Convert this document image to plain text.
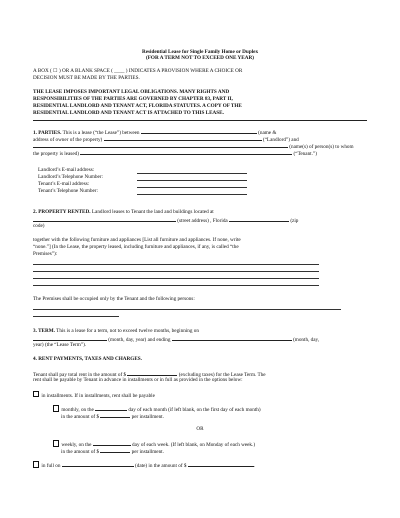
Residential Lease for Single Family Home or Duplex
(FOR A TERM NOT TO EXCEED ONE YEAR)
A BOX ( ☐ ) OR A BLANK SPACE ( ____ ) INDICATES A PROVISION WHERE A CHOICE OR
DECISION MUST BE MADE BY THE PARTIES.
THE LEASE IMPOSES IMPORTANT LEGAL OBLIGATIONS. MANY RIGHTS AND
RESPONSIBILITIES OF THE PARTIES ARE GOVERNED BY CHAPTER 83, PART II,
RESIDENTIAL LANDLORD AND TENANT ACT, FLORIDA STATUTES. A COPY OF THE
RESIDENTIAL LANDLORD AND TENANT ACT IS ATTACHED TO THIS LEASE.
1. PARTIES. This is a lease (“the Lease”) between	(name &
address of owner of the property)	(“Landlord”) and
(name(s) of person(s) to whom
the property is leased)	(“Tenant.”)
Landlord’s E-mail address:
Landlord’s Telephone Number:
Tenant’s E-mail address:
Tenant’s Telephone Number:
2. PROPERTY RENTED. Landlord leases to Tenant the land and buildings located at
(street address) , Florida	(zip
code)
together with the following furniture and appliances [List all furniture and appliances. If none, write
“none.”] (In the Lease, the property leased, including furniture and appliances, if any, is called “the
Premises”):
The Premises shall be occupied only by the Tenant and the following persons:
3. TERM. This is a lease for a term, not to exceed twelve months, beginning on
(month, day, year) and ending	(month, day,
year) (the “Lease Term”).
4. RENT PAYMENTS, TAXES AND CHARGES.
Tenant shall pay total rent in the amount of $	(excluding taxes) for the Lease Term. The
rent shall be payable by Tenant in advance in installments or in full as provided in the options below:
in installments. If in installments, rent shall be payable
monthly, on the	day of each month (if left blank, on the first day of each month)
in the amount of $	per installment.
OR
weekly, on the	day of each week. (If left blank, on Monday of each week.)
in the amount of $	per installment.
in full on	(date) in the amount of $	.
